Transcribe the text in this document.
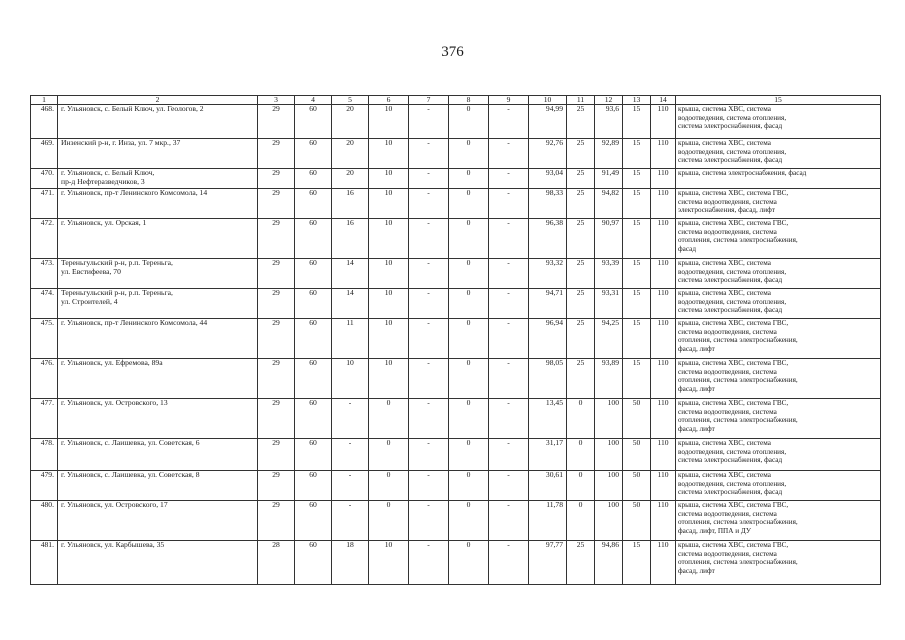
376
1	2	3	4	5	6	7	8	9	10	11	12	13	14	15
468.	г. Ульяновск, с. Белый Ключ, ул. Геологов, 2	29	60	20	10	-	0	-	94,99	25	93,6	15	110	крыша, система ХВС, система
водоотведения, система отопления,
система электроснабжения, фасад
469.	Инзенский р-н, г. Инза, ул. 7 мкр., 37	29	60	20	10	-	0	-	92,76	25	92,89	15	110	крыша, система ХВС, система
водоотведения, система отопления,
система электроснабжения, фасад
470.	г. Ульяновск, с. Белый Ключ,
пр-д Нефтеразведчиков, 3	29	60	20	10	-	0	-	93,04	25	91,49	15	110	крыша, система электроснабжения, фасад
471.	г. Ульяновск, пр-т Ленинского Комсомола, 14	29	60	16	10	-	0	-	98,33	25	94,82	15	110	крыша, система ХВС, система ГВС,
система водоотведения, система
электроснабжения, фасад, лифт
472.	г. Ульяновск, ул. Орская, 1	29	60	16	10	-	0	-	96,38	25	90,97	15	110	крыша, система ХВС, система ГВС,
система водоотведения, система
отопления, система электроснабжения,
фасад
473.	Тереньгульский р-н, р.п. Тереньга,
ул. Евстифеева, 70	29	60	14	10	-	0	-	93,32	25	93,39	15	110	крыша, система ХВС, система
водоотведения, система отопления,
система электроснабжения, фасад
474.	Тереньгульский р-н, р.п. Тереньга,
ул. Строителей, 4	29	60	14	10	-	0	-	94,71	25	93,31	15	110	крыша, система ХВС, система
водоотведения, система отопления,
система электроснабжения, фасад
475.	г. Ульяновск, пр-т Ленинского Комсомола, 44	29	60	11	10	-	0	-	96,94	25	94,25	15	110	крыша, система ХВС, система ГВС,
система водоотведения, система
отопления, система электроснабжения,
фасад, лифт
476.	г. Ульяновск, ул. Ефремова, 89а	29	60	10	10	-	0	-	98,05	25	93,89	15	110	крыша, система ХВС, система ГВС,
система водоотведения, система
отопления, система электроснабжения,
фасад, лифт
477.	г. Ульяновск, ул. Островского, 13	29	60	-	0	-	0	-	13,45	0	100	50	110	крыша, система ХВС, система ГВС,
система водоотведения, система
отопления, система электроснабжения,
фасад, лифт
478.	г. Ульяновск, с. Лаишевка, ул. Советская, 6	29	60	-	0	-	0	-	31,17	0	100	50	110	крыша, система ХВС, система
водоотведения, система отопления,
система электроснабжения, фасад
479.	г. Ульяновск, с. Лаишевка, ул. Советская, 8	29	60	-	0	-	0	-	30,61	0	100	50	110	крыша, система ХВС, система
водоотведения, система отопления,
система электроснабжения, фасад
480.	г. Ульяновск, ул. Островского, 17	29	60	-	0	-	0	-	11,78	0	100	50	110	крыша, система ХВС, система ГВС,
система водоотведения, система
отопления, система электроснабжения,
фасад, лифт, ППА и ДУ
481.	г. Ульяновск, ул. Карбышева, 35	28	60	18	10	-	0	-	97,77	25	94,86	15	110	крыша, система ХВС, система ГВС,
система водоотведения, система
отопления, система электроснабжения,
фасад, лифт
